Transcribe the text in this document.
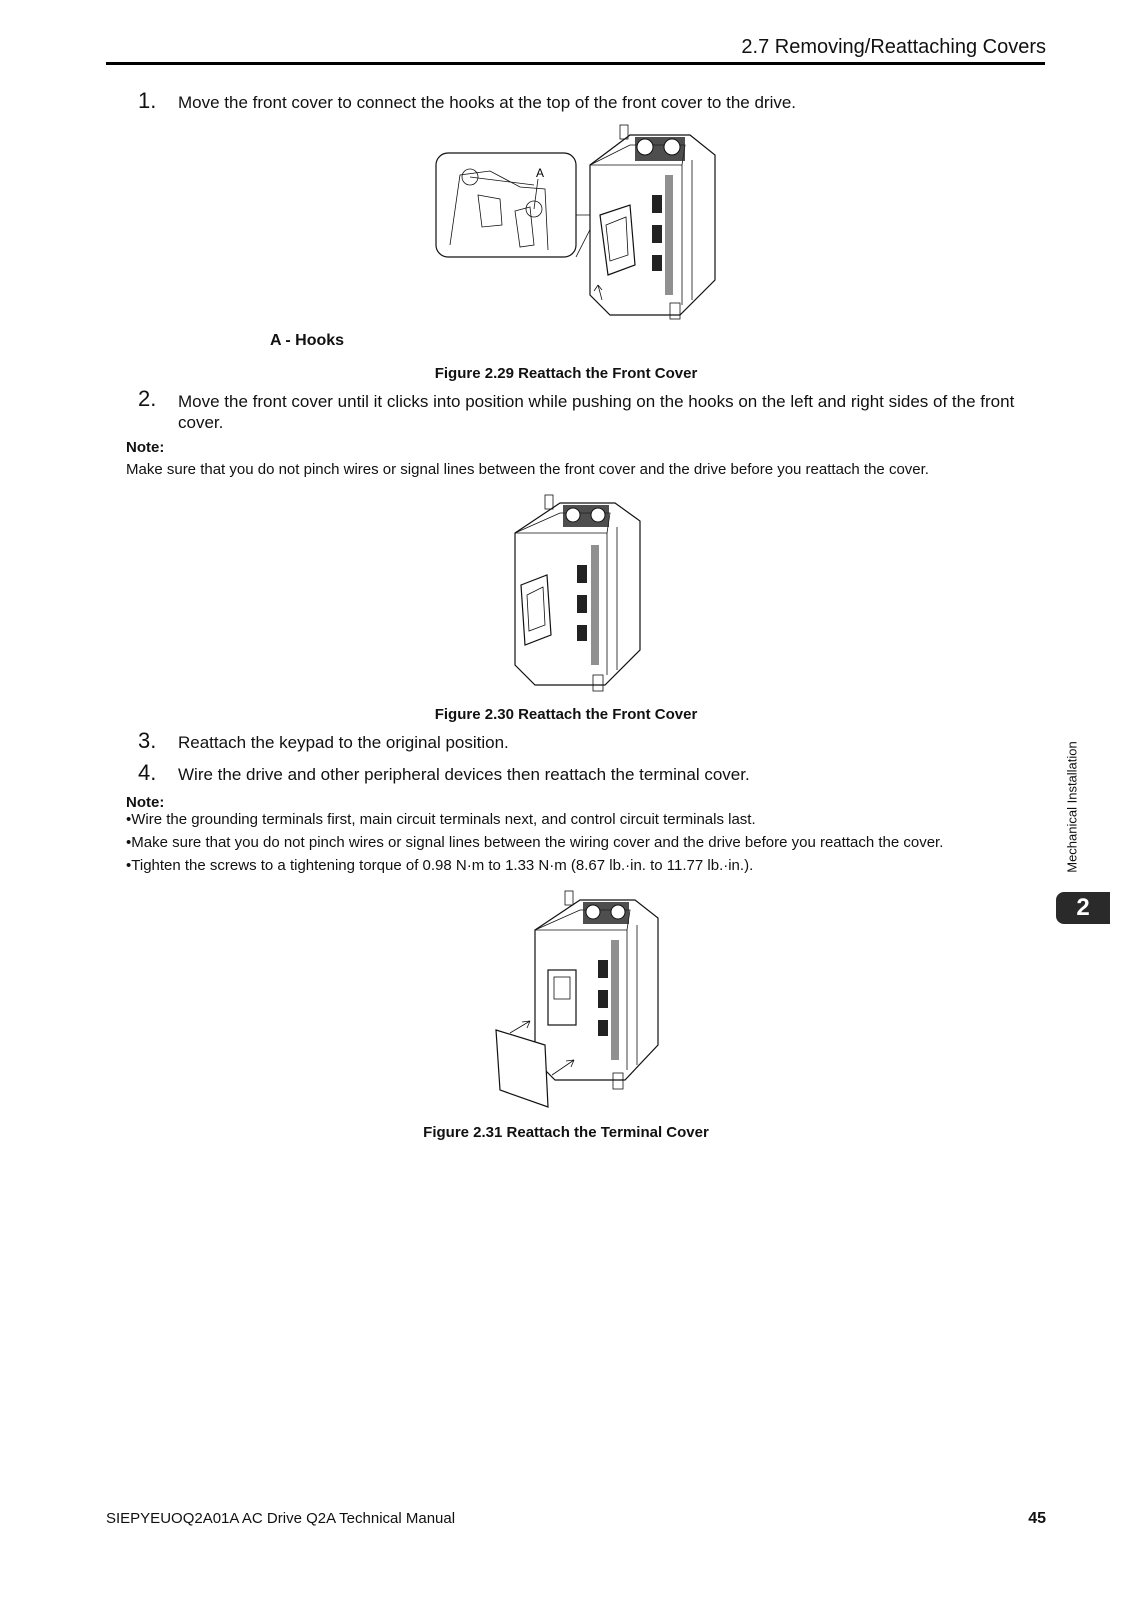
2.7 Removing/Reattaching Covers
1. Move the front cover to connect the hooks at the top of the front cover to the drive.
A
A - Hooks
Figure 2.29 Reattach the Front Cover
2. Move the front cover until it clicks into position while pushing on the hooks on the left and right sides of the front cover.
Note:
Make sure that you do not pinch wires or signal lines between the front cover and the drive before you reattach the cover.
Figure 2.30 Reattach the Front Cover
3. Reattach the keypad to the original position.
4. Wire the drive and other peripheral devices then reattach the terminal cover.
Note:
•Wire the grounding terminals first, main circuit terminals next, and control circuit terminals last.
•Make sure that you do not pinch wires or signal lines between the wiring cover and the drive before you reattach the cover.
•Tighten the screws to a tightening torque of 0.98 N·m to 1.33 N·m (8.67 lb.·in. to 11.77 lb.·in.).
Figure 2.31 Reattach the Terminal Cover
Mechanical Installation
2
SIEPYEUOQ2A01A AC Drive Q2A Technical Manual	45
